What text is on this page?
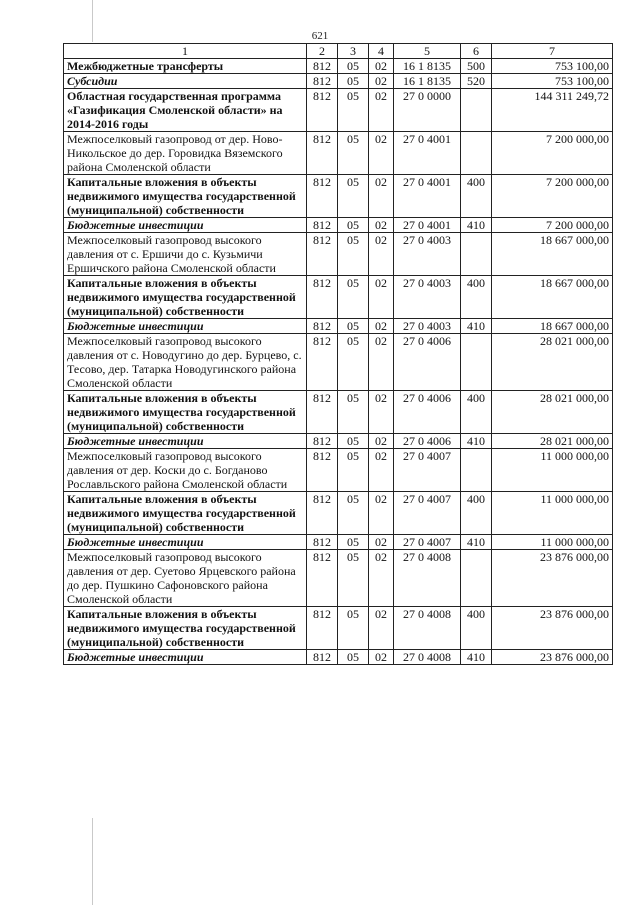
621
1	2	3	4	5	6	7
Межбюджетные трансферты	812	05	02	16 1 8135	500	753 100,00
Субсидии	812	05	02	16 1 8135	520	753 100,00
Областная государственная программа «Газификация Смоленской области» на 2014-2016 годы	812	05	02	27 0 0000		144 311 249,72
Межпоселковый газопровод от дер. Ново-Никольское до дер. Горовидка Вяземского района Смоленской области	812	05	02	27 0 4001		7 200 000,00
Капитальные вложения в объекты недвижимого имущества государственной (муниципальной) собственности	812	05	02	27 0 4001	400	7 200 000,00
Бюджетные инвестиции	812	05	02	27 0 4001	410	7 200 000,00
Межпоселковый газопровод высокого давления от с. Ершичи до с. Кузьмичи Ершичского района Смоленской области	812	05	02	27 0 4003		18 667 000,00
Капитальные вложения в объекты недвижимого имущества государственной (муниципальной) собственности	812	05	02	27 0 4003	400	18 667 000,00
Бюджетные инвестиции	812	05	02	27 0 4003	410	18 667 000,00
Межпоселковый газопровод высокого давления от с. Новодугино до дер. Бурцево, с. Тесово, дер. Татарка Новодугинского района Смоленской области	812	05	02	27 0 4006		28 021 000,00
Капитальные вложения в объекты недвижимого имущества государственной (муниципальной) собственности	812	05	02	27 0 4006	400	28 021 000,00
Бюджетные инвестиции	812	05	02	27 0 4006	410	28 021 000,00
Межпоселковый газопровод высокого давления от дер. Коски до с. Богданово Рославльского района Смоленской области	812	05	02	27 0 4007		11 000 000,00
Капитальные вложения в объекты недвижимого имущества государственной (муниципальной) собственности	812	05	02	27 0 4007	400	11 000 000,00
Бюджетные инвестиции	812	05	02	27 0 4007	410	11 000 000,00
Межпоселковый газопровод высокого давления от дер. Суетово Ярцевского района до дер. Пушкино Сафоновского района Смоленской области	812	05	02	27 0 4008		23 876 000,00
Капитальные вложения в объекты недвижимого имущества государственной (муниципальной) собственности	812	05	02	27 0 4008	400	23 876 000,00
Бюджетные инвестиции	812	05	02	27 0 4008	410	23 876 000,00
